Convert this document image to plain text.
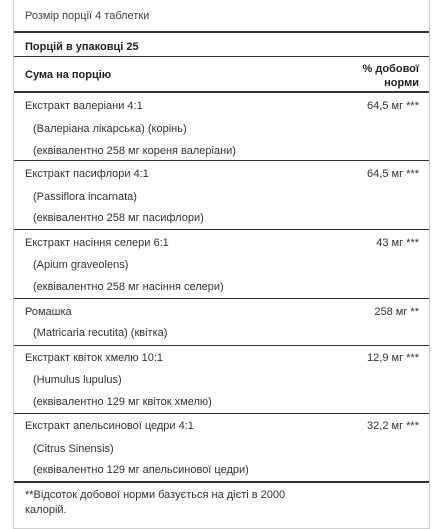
Розмір порції 4 таблетки
Порцій в упаковці 25
Сума на порцію	% добової
норми
Екстракт валеріани 4:1	64,5 мг ***
(Валеріана лікарська) (корінь)
(еквівалентно 258 мг кореня валеріани)
Екстракт пасифлори 4:1	64,5 мг ***
(Passiflora incarnata)
(еквівалентно 258 мг пасифлори)
Екстракт насіння селери 6:1	43 мг ***
(Apium graveolens)
(еквівалентно 258 мг насіння селери)
Ромашка	258 мг **
(Matricaria recutita) (квітка)
Екстракт квіток хмелю 10:1	12,9 мг ***
(Humulus lupulus)
(еквівалентно 129 мг квіток хмелю)
Екстракт апельсинової цедри 4:1	32,2 мг ***
(Citrus Sinensis)
(еквівалентно 129 мг апельсинової цедри)
**Відсоток добової норми базується на дієті в 2000 калорій.
